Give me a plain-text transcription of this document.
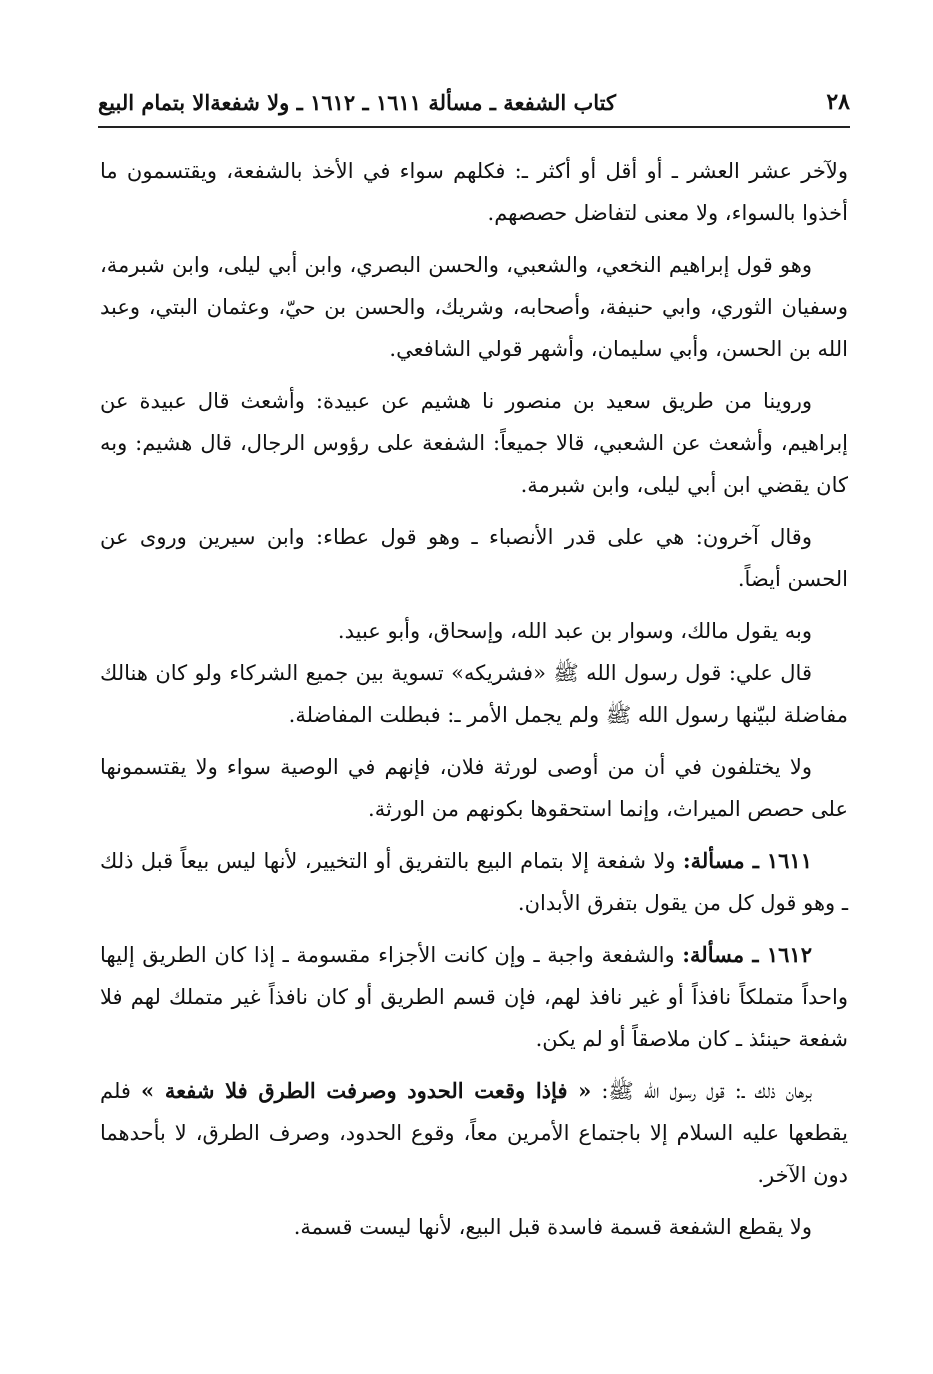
٢٨
كتاب الشفعة ـ مسألة ١٦١١ ـ ١٦١٢ ـ ولا شفعةالا بتمام البيع

ولآخر عشر العشر ـ أو أقل أو أكثر ـ: فكلهم سواء في الأخذ بالشفعة، ويقتسمون ما أخذوا بالسواء، ولا معنى لتفاضل حصصهم.

وهو قول إبراهيم النخعي، والشعبي، والحسن البصري، وابن أبي ليلى، وابن شبرمة، وسفيان الثوري، وابي حنيفة، وأصحابه، وشريك، والحسن بن حيّ، وعثمان البتي، وعبد الله بن الحسن، وأبي سليمان، وأشهر قولي الشافعي.

وروينا من طريق سعيد بن منصور نا هشيم عن عبيدة: وأشعث قال عبيدة عن إبراهيم، وأشعث عن الشعبي، قالا جميعاً: الشفعة على رؤوس الرجال، قال هشيم: وبه كان يقضي ابن أبي ليلى، وابن شبرمة.

وقال آخرون: هي على قدر الأنصباء ـ وهو قول عطاء: وابن سيرين وروى عن الحسن أيضاً.

وبه يقول مالك، وسوار بن عبد الله، وإسحاق، وأبو عبيد.

قال علي: قول رسول الله ﷺ «فشريكه» تسوية بين جميع الشركاء ولو كان هنالك مفاضلة لبيّنها رسول الله ﷺ ولم يجمل الأمر ـ: فبطلت المفاضلة.

ولا يختلفون في أن من أوصى لورثة فلان، فإنهم في الوصية سواء ولا يقتسمونها على حصص الميراث، وإنما استحقوها بكونهم من الورثة.

١٦١١ ـ مسألة: ولا شفعة إلا بتمام البيع بالتفريق أو التخيير، لأنها ليس بيعاً قبل ذلك ـ وهو قول كل من يقول بتفرق الأبدان.

١٦١٢ ـ مسألة: والشفعة واجبة ـ وإن كانت الأجزاء مقسومة ـ إذا كان الطريق إليها واحداً متملكاً نافذاً أو غير نافذ لهم، فإن قسم الطريق أو كان نافذاً غير متملك لهم فلا شفعة حينئذ ـ كان ملاصقاً أو لم يكن.

برهان ذلك ـ: قول رسول الله ﷺ: « فإذا وقعت الحدود وصرفت الطرق فلا شفعة » فلم يقطعها عليه السلام إلا باجتماع الأمرين معاً، وقوع الحدود، وصرف الطرق، لا بأحدهما دون الآخر.

ولا يقطع الشفعة قسمة فاسدة قبل البيع، لأنها ليست قسمة.
